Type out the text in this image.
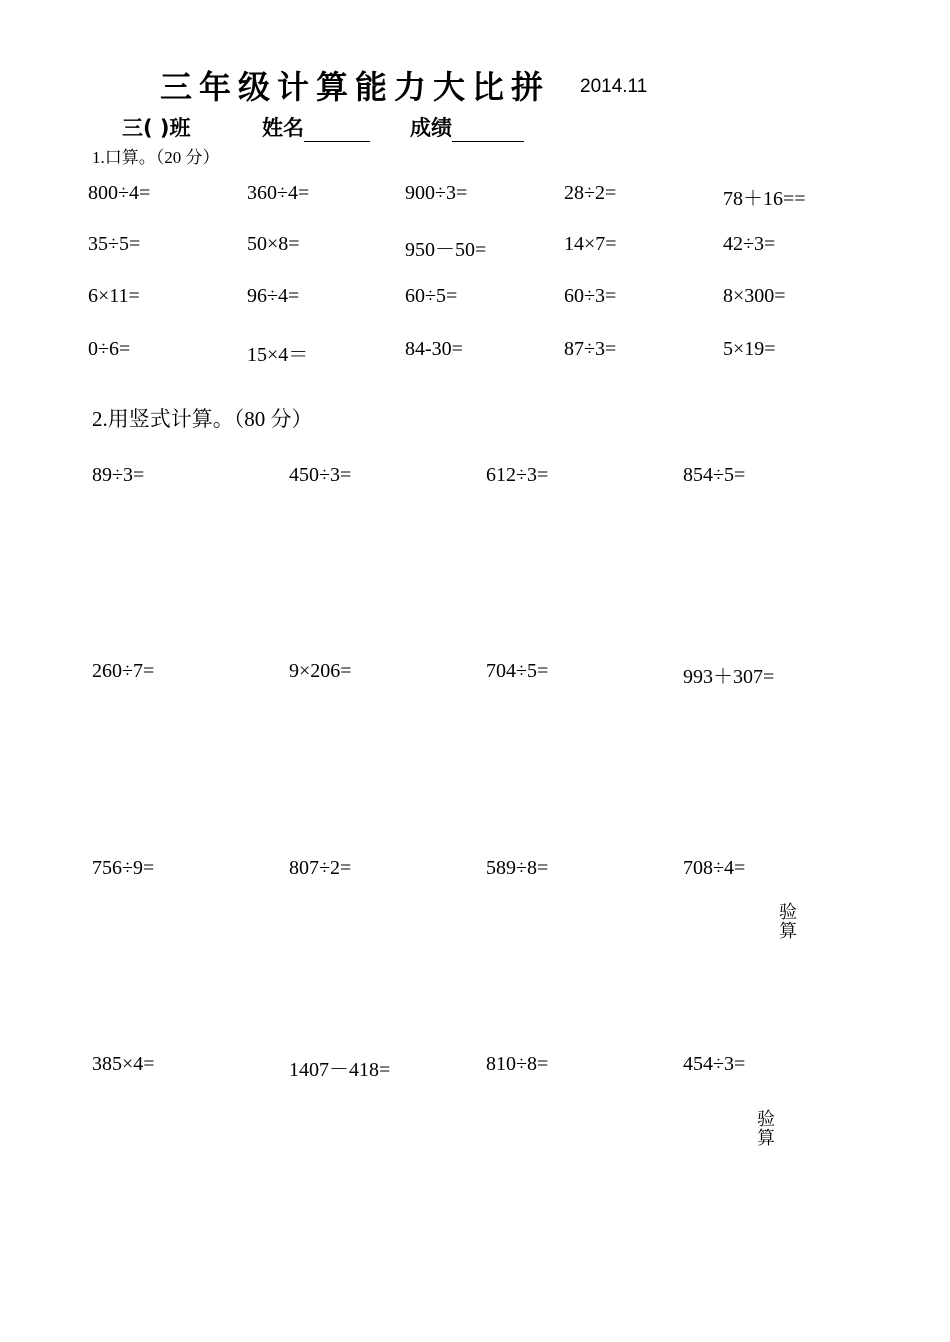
三年级计算能力大比拼 2014.11
三( )班	姓名	成绩
1.口算。（20 分）
800÷4=	360÷4=	900÷3=	28÷2=	78＋16==
35÷5=	50×8=	950－50=	14×7=	42÷3=
6×11=	96÷4=	60÷5=	60÷3=	8×300=
0÷6=	15×4＝	84-30=	87÷3=	5×19=
2.用竖式计算。（80 分）
89÷3=	450÷3=	612÷3=	854÷5=
260÷7=	9×206=	704÷5=	993＋307=
756÷9=	807÷2=	589÷8=	708÷4=
验算
385×4=	1407－418=	810÷8=	454÷3=
验算
